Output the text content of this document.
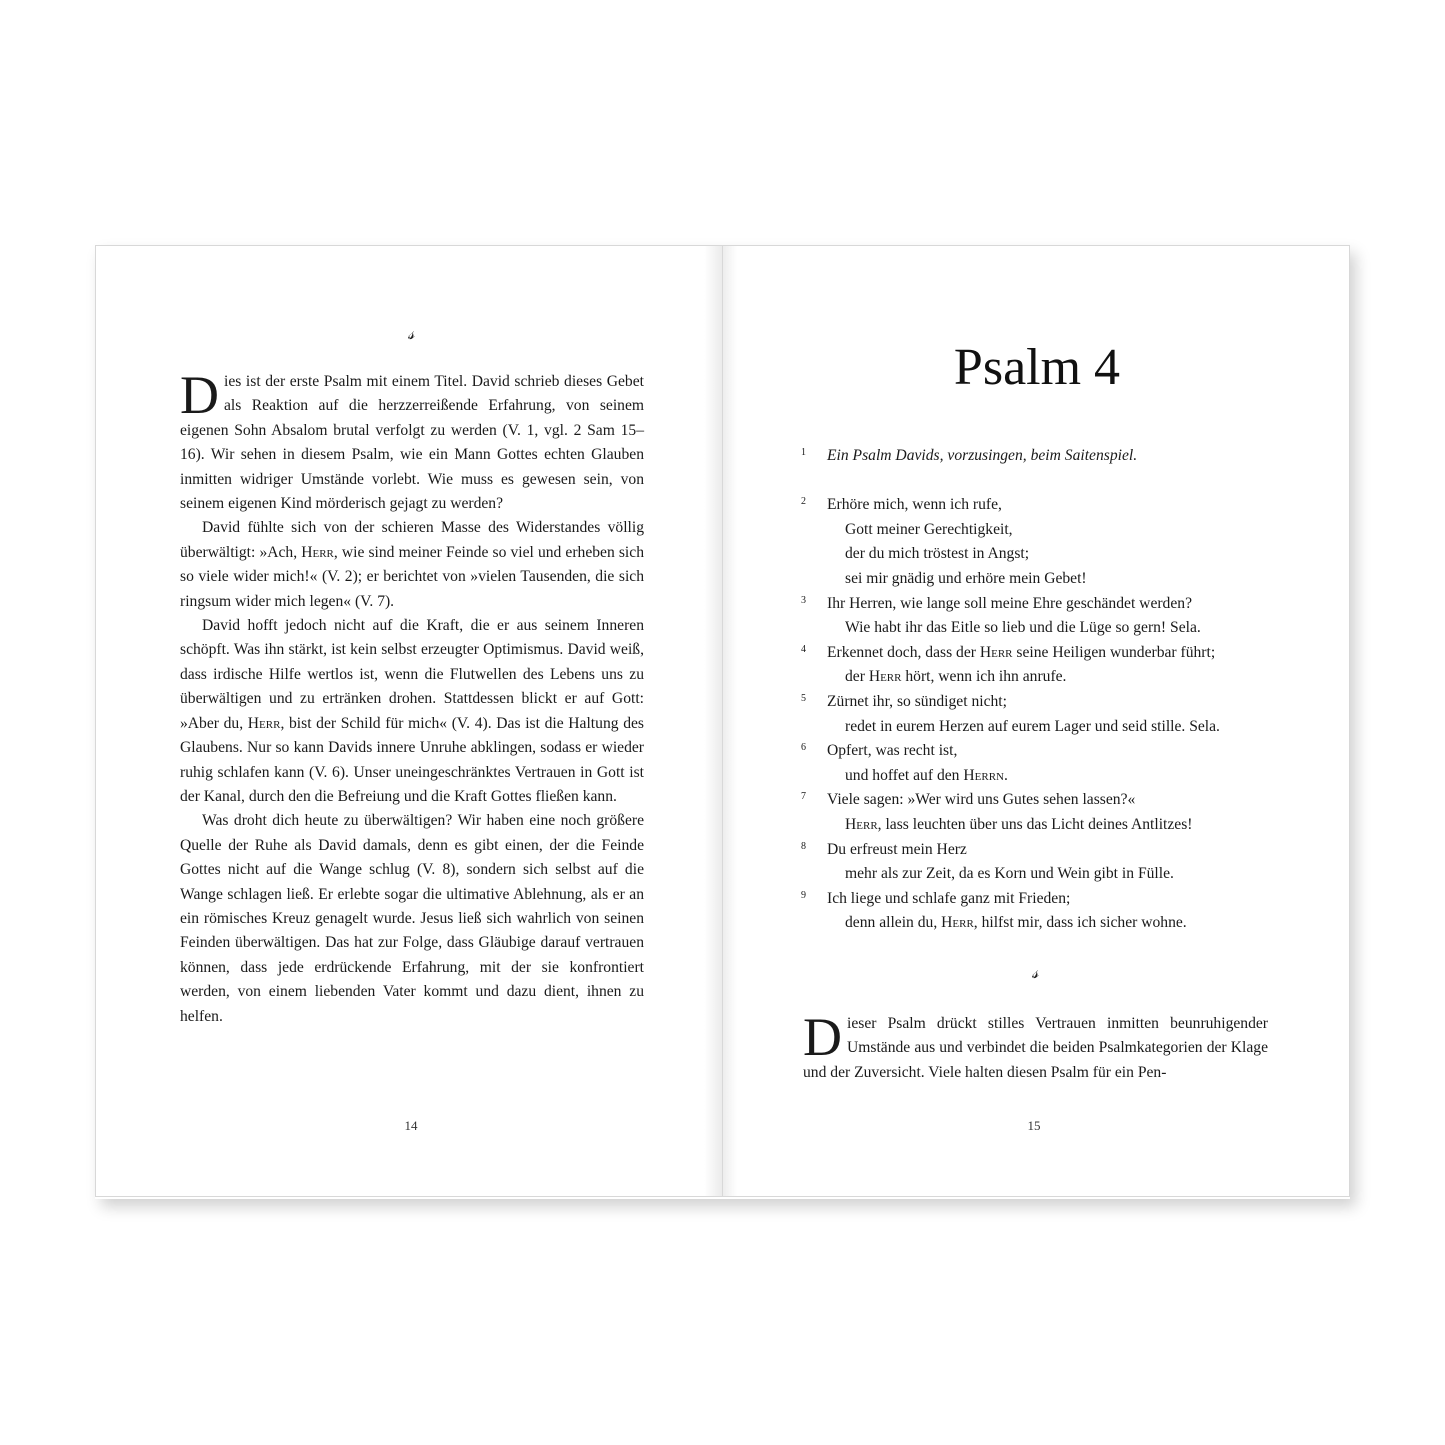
𝓈

Dies ist der erste Psalm mit einem Titel. David schrieb dieses Gebet als Reaktion auf die herzzerreißende Erfahrung, von seinem eigenen Sohn Absalom brutal verfolgt zu werden (V. 1, vgl. 2 Sam 15–16). Wir sehen in diesem Psalm, wie ein Mann Gottes echten Glauben inmitten widriger Umstände vorlebt. Wie muss es gewesen sein, von seinem eigenen Kind mörderisch gejagt zu werden?

David fühlte sich von der schieren Masse des Widerstandes völlig überwältigt: »Ach, Herr, wie sind meiner Feinde so viel und erheben sich so viele wider mich!« (V. 2); er berichtet von »vielen Tausenden, die sich ringsum wider mich legen« (V. 7).

David hofft jedoch nicht auf die Kraft, die er aus seinem Inneren schöpft. Was ihn stärkt, ist kein selbst erzeugter Optimismus. David weiß, dass irdische Hilfe wertlos ist, wenn die Flutwellen des Lebens uns zu überwältigen und zu ertränken drohen. Stattdessen blickt er auf Gott: »Aber du, Herr, bist der Schild für mich« (V. 4). Das ist die Haltung des Glaubens. Nur so kann Davids innere Unruhe abklingen, sodass er wieder ruhig schlafen kann (V. 6). Unser uneingeschränktes Vertrauen in Gott ist der Kanal, durch den die Befreiung und die Kraft Gottes fließen kann.

Was droht dich heute zu überwältigen? Wir haben eine noch größere Quelle der Ruhe als David damals, denn es gibt einen, der die Feinde Gottes nicht auf die Wange schlug (V. 8), sondern sich selbst auf die Wange schlagen ließ. Er erlebte sogar die ultimative Ablehnung, als er an ein römisches Kreuz genagelt wurde. Jesus ließ sich wahrlich von seinen Feinden überwältigen. Das hat zur Folge, dass Gläubige darauf vertrauen können, dass jede erdrückende Erfahrung, mit der sie konfrontiert werden, von einem liebenden Vater kommt und dazu dient, ihnen zu helfen.

14
Psalm 4
1	Ein Psalm Davids, vorzusingen, beim Saitenspiel.
2	Erhöre mich, wenn ich rufe,
Gott meiner Gerechtigkeit,
der du mich tröstest in Angst;
sei mir gnädig und erhöre mein Gebet!
3	Ihr Herren, wie lange soll meine Ehre geschändet werden?
Wie habt ihr das Eitle so lieb und die Lüge so gern! Sela.
4	Erkennet doch, dass der Herr seine Heiligen wunderbar führt;
der Herr hört, wenn ich ihn anrufe.
5	Zürnet ihr, so sündiget nicht;
redet in eurem Herzen auf eurem Lager und seid stille. Sela.
6	Opfert, was recht ist,
und hoffet auf den Herrn.
7	Viele sagen: »Wer wird uns Gutes sehen lassen?«
Herr, lass leuchten über uns das Licht deines Antlitzes!
8	Du erfreust mein Herz
mehr als zur Zeit, da es Korn und Wein gibt in Fülle.
9	Ich liege und schlafe ganz mit Frieden;
denn allein du, Herr, hilfst mir, dass ich sicher wohne.
𝓈

Dieser Psalm drückt stilles Vertrauen inmitten beunruhigender Umstände aus und verbindet die beiden Psalmkategorien der Klage und der Zuversicht. Viele halten diesen Psalm für ein Pen-

15
